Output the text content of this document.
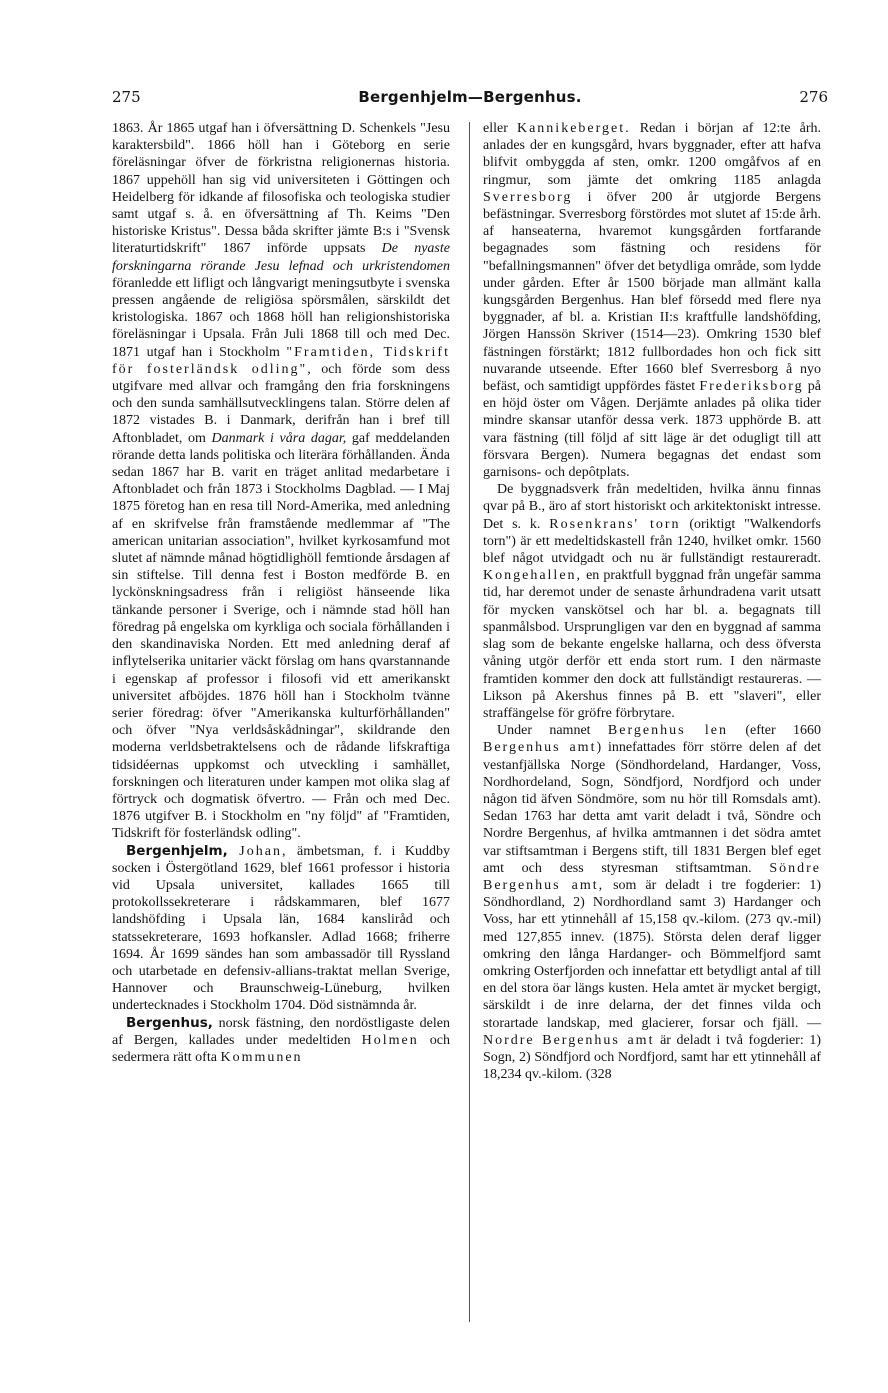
275	Bergenhjelm—Bergenhus.	276

1863. År 1865 utgaf han i öfversättning D. Schenkels "Jesu karaktersbild". 1866 höll han i Göteborg en serie föreläsningar öfver de förkristna religionernas historia. 1867 uppehöll han sig vid universiteten i Göttingen och Heidelberg för idkande af filosofiska och teologiska studier samt utgaf s. å. en öfversättning af Th. Keims "Den historiske Kristus". Dessa båda skrifter jämte B:s i "Svensk literaturtidskrift" 1867 införde uppsats De nyaste forskningarna rörande Jesu lefnad och urkristendomen föranledde ett lifligt och långvarigt meningsutbyte i svenska pressen angående de religiösa spörsmålen, särskildt det kristologiska. 1867 och 1868 höll han religionshistoriska föreläsningar i Upsala. Från Juli 1868 till och med Dec. 1871 utgaf han i Stockholm "Framtiden, Tidskrift för fosterländsk odling", och förde som dess utgifvare med allvar och framgång den fria forskningens och den sunda samhällsutvecklingens talan. Större delen af 1872 vistades B. i Danmark, derifrån han i bref till Aftonbladet, om Danmark i våra dagar, gaf meddelanden rörande detta lands politiska och literära förhållanden. Ända sedan 1867 har B. varit en träget anlitad medarbetare i Aftonbladet och från 1873 i Stockholms Dagblad. — I Maj 1875 företog han en resa till Nord-Amerika, med anledning af en skrifvelse från framstående medlemmar af "The american unitarian association", hvilket kyrkosamfund mot slutet af nämnde månad högtidlighöll femtionde årsdagen af sin stiftelse. Till denna fest i Boston medförde B. en lyckönskningsadress från i religiöst hänseende lika tänkande personer i Sverige, och i nämnde stad höll han föredrag på engelska om kyrkliga och sociala förhållanden i den skandinaviska Norden. Ett med anledning deraf af inflytelserika unitarier väckt förslag om hans qvarstannande i egenskap af professor i filosofi vid ett amerikanskt universitet afböjdes. 1876 höll han i Stockholm tvänne serier föredrag: öfver "Amerikanska kulturförhållanden" och öfver "Nya verldsåskådningar", skildrande den moderna verldsbetraktelsens och de rådande lifskraftiga tidsidéernas uppkomst och utveckling i samhället, forskningen och literaturen under kampen mot olika slag af förtryck och dogmatisk öfvertro. — Från och med Dec. 1876 utgifver B. i Stockholm en "ny följd" af "Framtiden, Tidskrift för fosterländsk odling".

Bergenhjelm, Johan, ämbetsman, f. i Kuddby socken i Östergötland 1629, blef 1661 professor i historia vid Upsala universitet, kallades 1665 till protokollssekreterare i rådskammaren, blef 1677 landshöfding i Upsala län, 1684 kansliråd och statssekreterare, 1693 hofkansler. Adlad 1668; friherre 1694. År 1699 sändes han som ambassadör till Ryssland och utarbetade en defensiv-allians-traktat mellan Sverige, Hannover och Braunschweig-Lüneburg, hvilken undertecknades i Stockholm 1704. Död sistnämnda år.

Bergenhus, norsk fästning, den nordöstligaste delen af Bergen, kallades under medeltiden Holmen och sedermera rätt ofta Kommunen

eller Kannikeberget. Redan i början af 12:te årh. anlades der en kungsgård, hvars byggnader, efter att hafva blifvit ombyggda af sten, omkr. 1200 omgåfvos af en ringmur, som jämte det omkring 1185 anlagda Sverresborg i öfver 200 år utgjorde Bergens befästningar. Sverresborg förstördes mot slutet af 15:de årh. af hanseaterna, hvaremot kungsgården fortfarande begagnades som fästning och residens för "befallningsmannen" öfver det betydliga område, som lydde under gården. Efter år 1500 började man allmänt kalla kungsgården Bergenhus. Han blef försedd med flere nya byggnader, af bl. a. Kristian II:s kraftfulle landshöfding, Jörgen Hanssön Skriver (1514—23). Omkring 1530 blef fästningen förstärkt; 1812 fullbordades hon och fick sitt nuvarande utseende. Efter 1660 blef Sverresborg å nyo befäst, och samtidigt uppfördes fästet Frederiksborg på en höjd öster om Vågen. Derjämte anlades på olika tider mindre skansar utanför dessa verk. 1873 upphörde B. att vara fästning (till följd af sitt läge är det odugligt till att försvara Bergen). Numera begagnas det endast som garnisons- och depôtplats.

De byggnadsverk från medeltiden, hvilka ännu finnas qvar på B., äro af stort historiskt och arkitektoniskt intresse. Det s. k. Rosenkrans' torn (oriktigt "Walkendorfs torn") är ett medeltidskastell från 1240, hvilket omkr. 1560 blef något utvidgadt och nu är fullständigt restaureradt. Kongehallen, en praktfull byggnad från ungefär samma tid, har deremot under de senaste århundradena varit utsatt för mycken vanskötsel och har bl. a. begagnats till spanmålsbod. Ursprungligen var den en byggnad af samma slag som de bekante engelske hallarna, och dess öfversta våning utgör derför ett enda stort rum. I den närmaste framtiden kommer den dock att fullständigt restaureras. — Likson på Akershus finnes på B. ett "slaveri", eller straffängelse för gröfre förbrytare.

Under namnet Bergenhus len (efter 1660 Bergenhus amt) innefattades förr större delen af det vestanfjällska Norge (Söndhordeland, Hardanger, Voss, Nordhordeland, Sogn, Söndfjord, Nordfjord och under någon tid äfven Söndmöre, som nu hör till Romsdals amt). Sedan 1763 har detta amt varit deladt i två, Söndre och Nordre Bergenhus, af hvilka amtmannen i det södra amtet var stiftsamtman i Bergens stift, till 1831 Bergen blef eget amt och dess styresman stiftsamtman. Söndre Bergenhus amt, som är deladt i tre fogderier: 1) Söndhordland, 2) Nordhordland samt 3) Hardanger och Voss, har ett ytinnehåll af 15,158 qv.-kilom. (273 qv.-mil) med 127,855 innev. (1875). Största delen deraf ligger omkring den långa Hardanger- och Bömmelfjord samt omkring Osterfjorden och innefattar ett betydligt antal af till en del stora öar längs kusten. Hela amtet är mycket bergigt, särskildt i de inre delarna, der det finnes vilda och storartade landskap, med glacierer, forsar och fjäll. — Nordre Bergenhus amt är deladt i två fogderier: 1) Sogn, 2) Söndfjord och Nordfjord, samt har ett ytinnehåll af 18,234 qv.-kilom. (328
